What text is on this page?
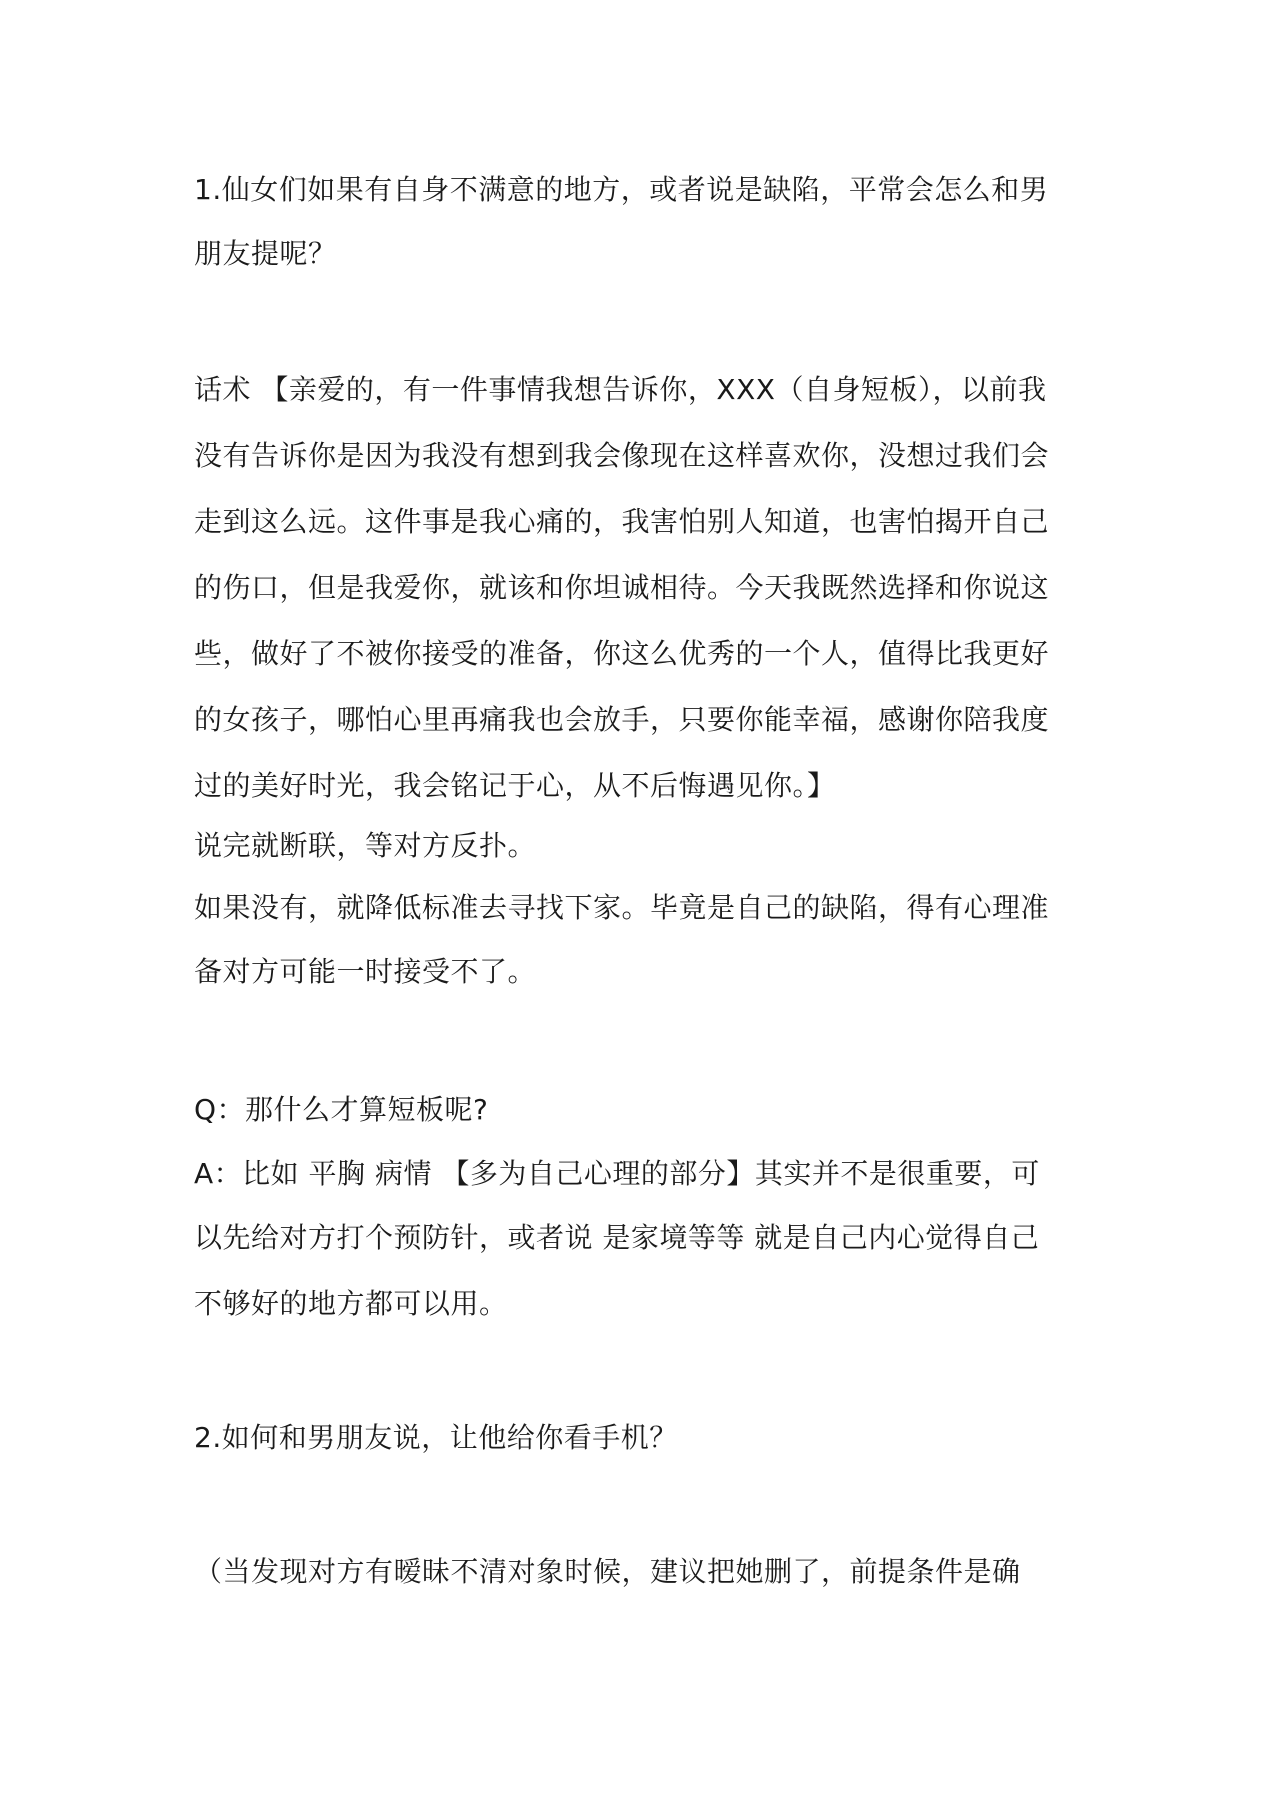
1.仙女们如果有自身不满意的地方，或者说是缺陷，平常会怎么和男
朋友提呢？
话术 【亲爱的，有一件事情我想告诉你，XXX（自身短板），以前我
没有告诉你是因为我没有想到我会像现在这样喜欢你，没想过我们会
走到这么远。这件事是我心痛的，我害怕别人知道，也害怕揭开自己
的伤口，但是我爱你，就该和你坦诚相待。今天我既然选择和你说这
些，做好了不被你接受的准备，你这么优秀的一个人，值得比我更好
的女孩子，哪怕心里再痛我也会放手，只要你能幸福，感谢你陪我度
过的美好时光，我会铭记于心，从不后悔遇见你。】
说完就断联，等对方反扑。
如果没有，就降低标准去寻找下家。毕竟是自己的缺陷，得有心理准
备对方可能一时接受不了。
Q：那什么才算短板呢?
A：比如 平胸 病情 【多为自己心理的部分】其实并不是很重要，可
以先给对方打个预防针，或者说 是家境等等 就是自己内心觉得自己
不够好的地方都可以用。
2.如何和男朋友说，让他给你看手机？
（当发现对方有暧昧不清对象时候，建议把她删了，前提条件是确
